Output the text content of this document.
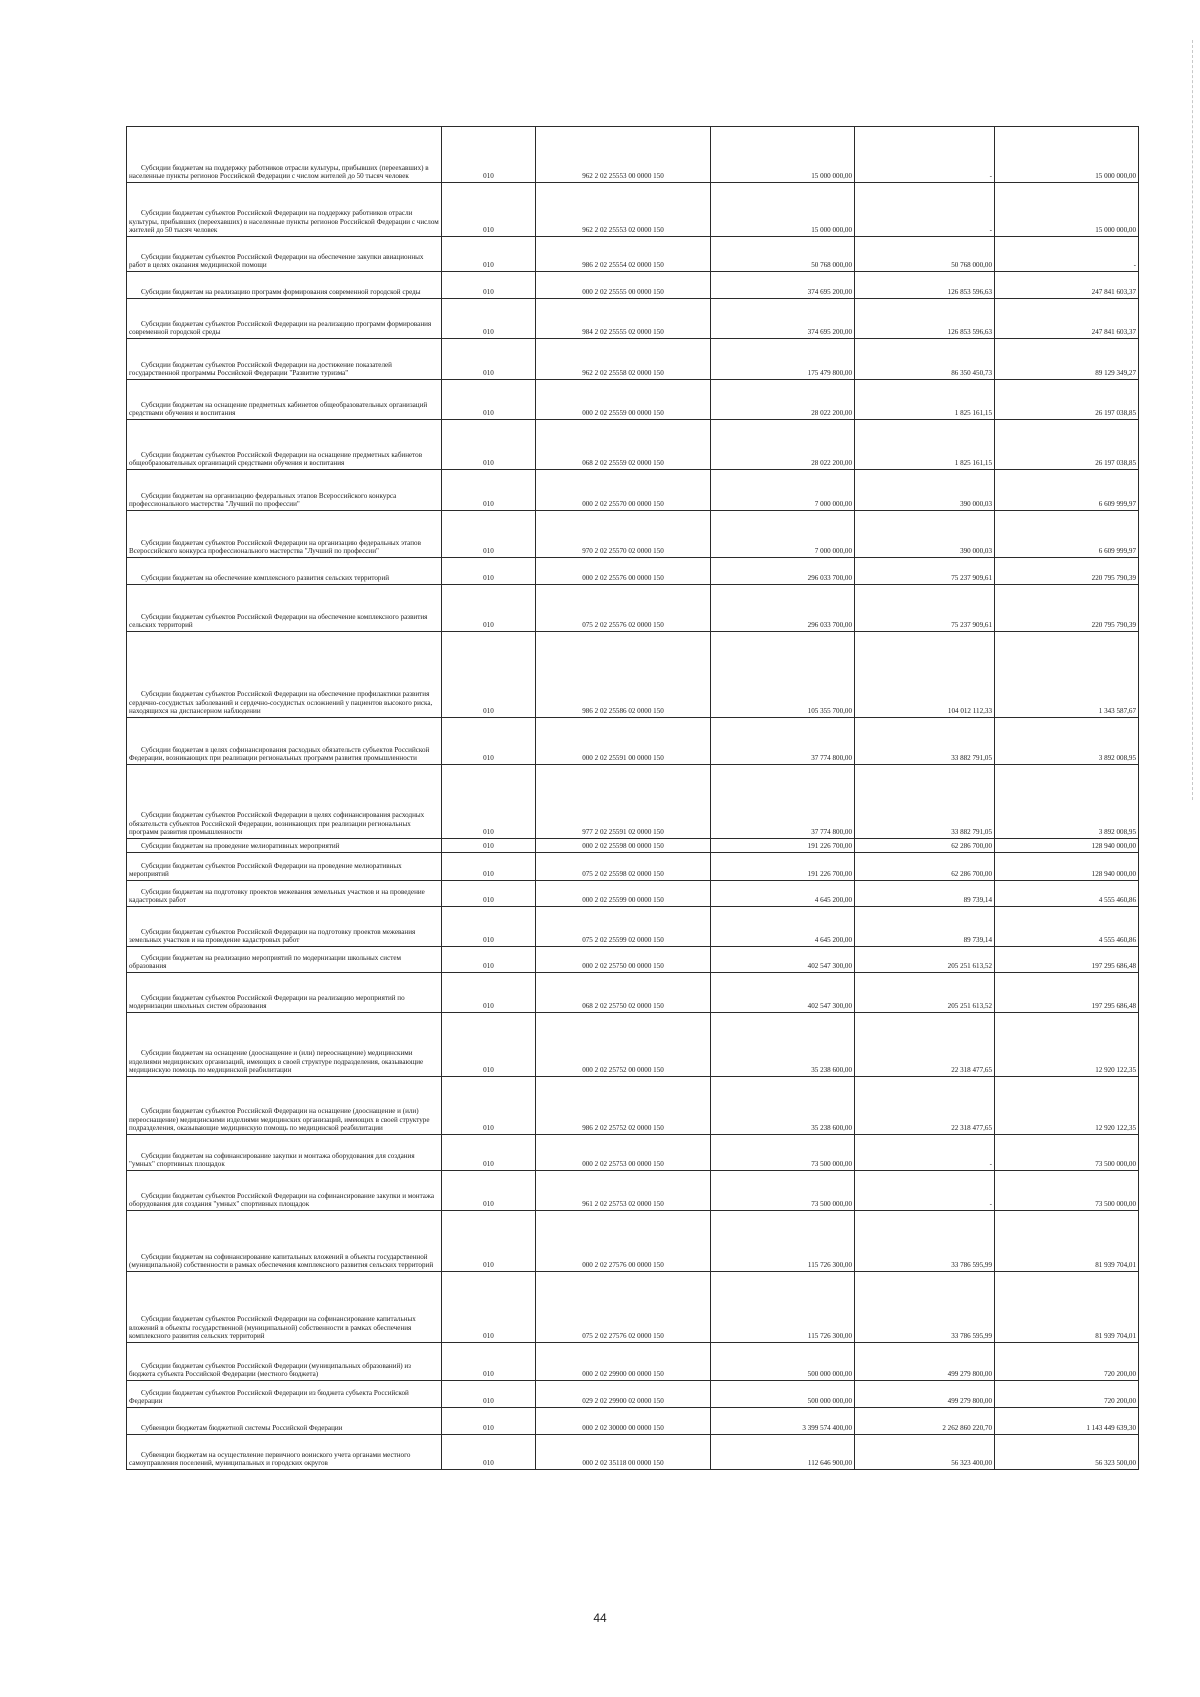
Субсидии бюджетам на поддержку работников отрасли культуры, прибывших (переехавших) в населенные пункты регионов Российской Федерации с числом жителей до 50 тысяч человек	010	962 2 02 25553 00 0000 150	15 000 000,00	-	15 000 000,00
Субсидии бюджетам субъектов Российской Федерации на поддержку работников отрасли культуры, прибывших (переехавших) в населенные пункты регионов Российской Федерации с числом жителей до 50 тысяч человек	010	962 2 02 25553 02 0000 150	15 000 000,00	-	15 000 000,00
Субсидии бюджетам субъектов Российской Федерации на обеспечение закупки авиационных работ в целях оказания медицинской помощи	010	986 2 02 25554 02 0000 150	50 768 000,00	50 768 000,00	-
Субсидии бюджетам на реализацию программ формирования современной городской среды	010	000 2 02 25555 00 0000 150	374 695 200,00	126 853 596,63	247 841 603,37
Субсидии бюджетам субъектов Российской Федерации на реализацию программ формирования современной городской среды	010	984 2 02 25555 02 0000 150	374 695 200,00	126 853 596,63	247 841 603,37
Субсидии бюджетам субъектов Российской Федерации на достижение показателей государственной программы Российской Федерации "Развитие туризма"	010	962 2 02 25558 02 0000 150	175 479 800,00	86 350 450,73	89 129 349,27
Субсидии бюджетам на оснащение предметных кабинетов общеобразовательных организаций средствами обучения и воспитания	010	000 2 02 25559 00 0000 150	28 022 200,00	1 825 161,15	26 197 038,85
Субсидии бюджетам субъектов Российской Федерации на оснащение предметных кабинетов общеобразовательных организаций средствами обучения и воспитания	010	068 2 02 25559 02 0000 150	28 022 200,00	1 825 161,15	26 197 038,85
Субсидии бюджетам на организацию федеральных этапов Всероссийского конкурса профессионального мастерства "Лучший по профессии"	010	000 2 02 25570 00 0000 150	7 000 000,00	390 000,03	6 609 999,97
Субсидии бюджетам субъектов Российской Федерации на организацию федеральных этапов Всероссийского конкурса профессионального мастерства "Лучший по профессии"	010	970 2 02 25570 02 0000 150	7 000 000,00	390 000,03	6 609 999,97
Субсидии бюджетам на обеспечение комплексного развития сельских территорий	010	000 2 02 25576 00 0000 150	296 033 700,00	75 237 909,61	220 795 790,39
Субсидии бюджетам субъектов Российской Федерации на обеспечение комплексного развития сельских территорий	010	075 2 02 25576 02 0000 150	296 033 700,00	75 237 909,61	220 795 790,39
Субсидии бюджетам субъектов Российской Федерации на обеспечение профилактики развития сердечно-сосудистых заболеваний и сердечно-сосудистых осложнений у пациентов высокого риска, находящихся на диспансерном наблюдении	010	986 2 02 25586 02 0000 150	105 355 700,00	104 012 112,33	1 343 587,67
Субсидии бюджетам в целях софинансирования расходных обязательств субъектов Российской Федерации, возникающих при реализации региональных программ развития промышленности	010	000 2 02 25591 00 0000 150	37 774 800,00	33 882 791,05	3 892 008,95
Субсидии бюджетам субъектов Российской Федерации в целях софинансирования расходных обязательств субъектов Российской Федерации, возникающих при реализации региональных программ развития промышленности	010	977 2 02 25591 02 0000 150	37 774 800,00	33 882 791,05	3 892 008,95
Субсидии бюджетам на проведение мелиоративных мероприятий	010	000 2 02 25598 00 0000 150	191 226 700,00	62 286 700,00	128 940 000,00
Субсидии бюджетам субъектов Российской Федерации на проведение мелиоративных мероприятий	010	075 2 02 25598 02 0000 150	191 226 700,00	62 286 700,00	128 940 000,00
Субсидии бюджетам на подготовку проектов межевания земельных участков и на проведение кадастровых работ	010	000 2 02 25599 00 0000 150	4 645 200,00	89 739,14	4 555 460,86
Субсидии бюджетам субъектов Российской Федерации на подготовку проектов межевания земельных участков и на проведение кадастровых работ	010	075 2 02 25599 02 0000 150	4 645 200,00	89 739,14	4 555 460,86
Субсидии бюджетам на реализацию мероприятий по модернизации школьных систем образования	010	000 2 02 25750 00 0000 150	402 547 300,00	205 251 613,52	197 295 686,48
Субсидии бюджетам субъектов Российской Федерации на реализацию мероприятий по модернизации школьных систем образования	010	068 2 02 25750 02 0000 150	402 547 300,00	205 251 613,52	197 295 686,48
Субсидии бюджетам на оснащение (дооснащение и (или) переоснащение) медицинскими изделиями медицинских организаций, имеющих в своей структуре подразделения, оказывающие медицинскую помощь по медицинской реабилитации	010	000 2 02 25752 00 0000 150	35 238 600,00	22 318 477,65	12 920 122,35
Субсидии бюджетам субъектов Российской Федерации на оснащение (дооснащение и (или) переоснащение) медицинскими изделиями медицинских организаций, имеющих в своей структуре подразделения, оказывающие медицинскую помощь по медицинской реабилитации	010	986 2 02 25752 02 0000 150	35 238 600,00	22 318 477,65	12 920 122,35
Субсидии бюджетам на софинансирование закупки и монтажа оборудования для создания "умных" спортивных площадок	010	000 2 02 25753 00 0000 150	73 500 000,00	-	73 500 000,00
Субсидии бюджетам субъектов Российской Федерации на софинансирование закупки и монтажа оборудования для создания "умных" спортивных площадок	010	961 2 02 25753 02 0000 150	73 500 000,00	-	73 500 000,00
Субсидии бюджетам на софинансирование капитальных вложений в объекты государственной (муниципальной) собственности в рамках обеспечения комплексного развития сельских территорий	010	000 2 02 27576 00 0000 150	115 726 300,00	33 786 595,99	81 939 704,01
Субсидии бюджетам субъектов Российской Федерации на софинансирование капитальных вложений в объекты государственной (муниципальной) собственности в рамках обеспечения комплексного развития сельских территорий	010	075 2 02 27576 02 0000 150	115 726 300,00	33 786 595,99	81 939 704,01
Субсидии бюджетам субъектов Российской Федерации (муниципальных образований) из бюджета субъекта Российской Федерации (местного бюджета)	010	000 2 02 29900 00 0000 150	500 000 000,00	499 279 800,00	720 200,00
Субсидии бюджетам субъектов Российской Федерации из бюджета субъекта Российской Федерации	010	029 2 02 29900 02 0000 150	500 000 000,00	499 279 800,00	720 200,00
Субвенции бюджетам бюджетной системы Российской Федерации	010	000 2 02 30000 00 0000 150	3 399 574 400,00	2 262 860 220,70	1 143 449 639,30
Субвенции бюджетам на осуществление первичного воинского учета органами местного самоуправления поселений, муниципальных и городских округов	010	000 2 02 35118 00 0000 150	112 646 900,00	56 323 400,00	56 323 500,00
44
